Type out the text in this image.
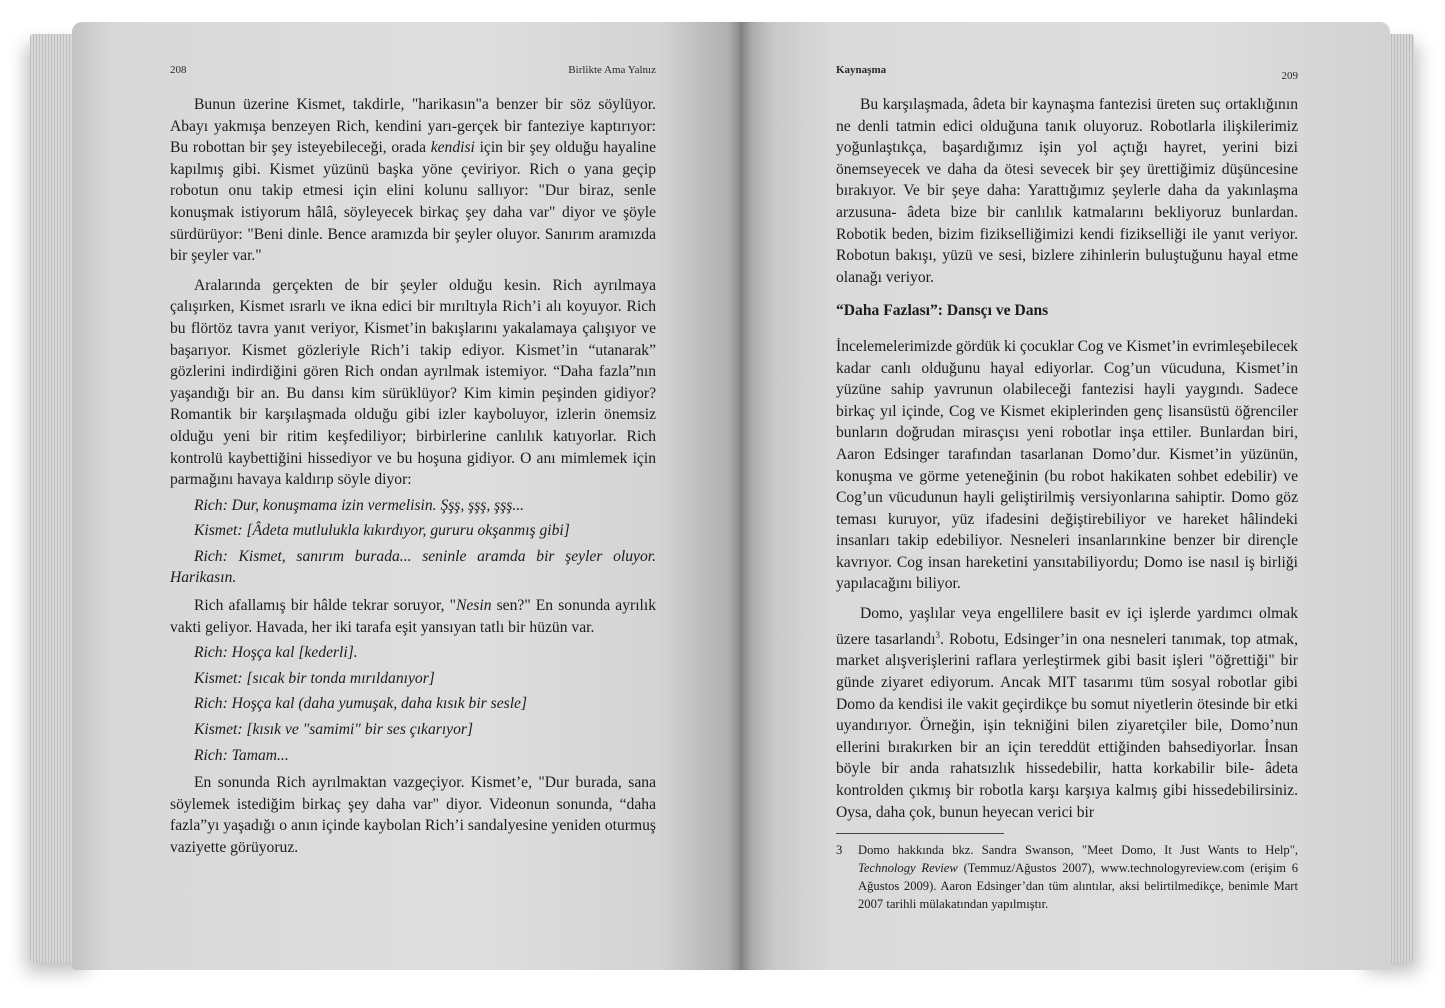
208	Birlikte Ama Yalnız

Bunun üzerine Kismet, takdirle, "harikasın"a benzer bir söz söylüyor. Abayı yakmışa benzeyen Rich, kendini yarı-gerçek bir fanteziye kaptırıyor: Bu robottan bir şey isteyebileceği, orada kendisi için bir şey olduğu hayaline kapılmış gibi. Kismet yüzünü başka yöne çeviriyor. Rich o yana geçip robotun onu takip etmesi için elini kolunu sallıyor: "Dur biraz, senle konuşmak istiyorum hâlâ, söyleyecek birkaç şey daha var" diyor ve şöyle sürdürüyor: "Beni dinle. Bence aramızda bir şeyler oluyor. Sanırım aramızda bir şeyler var."

Aralarında gerçekten de bir şeyler olduğu kesin. Rich ayrılmaya çalışırken, Kismet ısrarlı ve ikna edici bir mırıltıyla Rich’i alı koyuyor. Rich bu flörtöz tavra yanıt veriyor, Kismet’in bakışlarını yakalamaya çalışıyor ve başarıyor. Kismet gözleriyle Rich’i takip ediyor. Kismet’in “utanarak” gözlerini indirdiğini gören Rich ondan ayrılmak istemiyor. “Daha fazla”nın yaşandığı bir an. Bu dansı kim sürüklüyor? Kim kimin peşinden gidiyor? Romantik bir karşılaşmada olduğu gibi izler kayboluyor, izlerin önemsiz olduğu yeni bir ritim keşfediliyor; birbirlerine canlılık katıyorlar. Rich kontrolü kaybettiğini hissediyor ve bu hoşuna gidiyor. O anı mimlemek için parmağını havaya kaldırıp söyle diyor:

Rich: Dur, konuşmama izin vermelisin. Şşş, şşş, şşş...

Kismet: [Âdeta mutlulukla kıkırdıyor, gururu okşanmış gibi]

Rich: Kismet, sanırım burada... seninle aramda bir şeyler oluyor. Harikasın.

Rich afallamış bir hâlde tekrar soruyor, "Nesin sen?" En sonunda ayrılık vakti geliyor. Havada, her iki tarafa eşit yansıyan tatlı bir hüzün var.

Rich: Hoşça kal [kederli].

Kismet: [sıcak bir tonda mırıldanıyor]

Rich: Hoşça kal (daha yumuşak, daha kısık bir sesle]

Kismet: [kısık ve "samimi" bir ses çıkarıyor]

Rich: Tamam...

En sonunda Rich ayrılmaktan vazgeçiyor. Kismet’e, "Dur burada, sana söylemek istediğim birkaç şey daha var" diyor. Videonun sonunda, “daha fazla”yı yaşadığı o anın içinde kaybolan Rich’i sandalyesine yeniden oturmuş vaziyette görüyoruz.

Kaynaşma	209

Bu karşılaşmada, âdeta bir kaynaşma fantezisi üreten suç ortaklığının ne denli tatmin edici olduğuna tanık oluyoruz. Robotlarla ilişkilerimiz yoğunlaştıkça, başardığımız işin yol açtığı hayret, yerini bizi önemseyecek ve daha da ötesi sevecek bir şey ürettiğimiz düşüncesine bırakıyor. Ve bir şeye daha: Yarattığımız şeylerle daha da yakınlaşma arzusuna- âdeta bize bir canlılık katmalarını bekliyoruz bunlardan. Robotik beden, bizim fizikselliğimizi kendi fizikselliği ile yanıt veriyor. Robotun bakışı, yüzü ve sesi, bizlere zihinlerin buluştuğunu hayal etme olanağı veriyor.

“Daha Fazlası”: Dansçı ve Dans

İncelemelerimizde gördük ki çocuklar Cog ve Kismet’in evrimleşebilecek kadar canlı olduğunu hayal ediyorlar. Cog’un vücuduna, Kismet’in yüzüne sahip yavrunun olabileceği fantezisi hayli yaygındı. Sadece birkaç yıl içinde, Cog ve Kismet ekiplerinden genç lisansüstü öğrenciler bunların doğrudan mirasçısı yeni robotlar inşa ettiler. Bunlardan biri, Aaron Edsinger tarafından tasarlanan Domo’dur. Kismet’in yüzünün, konuşma ve görme yeteneğinin (bu robot hakikaten sohbet edebilir) ve Cog’un vücudunun hayli geliştirilmiş versiyonlarına sahiptir. Domo göz teması kuruyor, yüz ifadesini değiştirebiliyor ve hareket hâlindeki insanları takip edebiliyor. Nesneleri insanlarınkine benzer bir dirençle kavrıyor. Cog insan hareketini yansıtabiliyordu; Domo ise nasıl iş birliği yapılacağını biliyor.

Domo, yaşlılar veya engellilere basit ev içi işlerde yardımcı olmak üzere tasarlandı$^3$. Robotu, Edsinger’in ona nesneleri tanımak, top atmak, market alışverişlerini raflara yerleştirmek gibi basit işleri "öğrettiği" bir günde ziyaret ediyorum. Ancak MIT tasarımı tüm sosyal robotlar gibi Domo da kendisi ile vakit geçirdikçe bu somut niyetlerin ötesinde bir etki uyandırıyor. Örneğin, işin tekniğini bilen ziyaretçiler bile, Domo’nun ellerini bırakırken bir an için tereddüt ettiğinden bahsediyorlar. İnsan böyle bir anda rahatsızlık hissedebilir, hatta korkabilir bile- âdeta kontrolden çıkmış bir robotla karşı karşıya kalmış gibi hissedebilirsiniz. Oysa, daha çok, bunun heyecan verici bir

3	Domo hakkında bkz. Sandra Swanson, "Meet Domo, It Just Wants to Help", Technology Review (Temmuz/Ağustos 2007), www.technologyreview.com (erişim 6 Ağustos 2009). Aaron Edsinger’dan tüm alıntılar, aksi belirtilmedikçe, benimle Mart 2007 tarihli mülakatından yapılmıştır.
